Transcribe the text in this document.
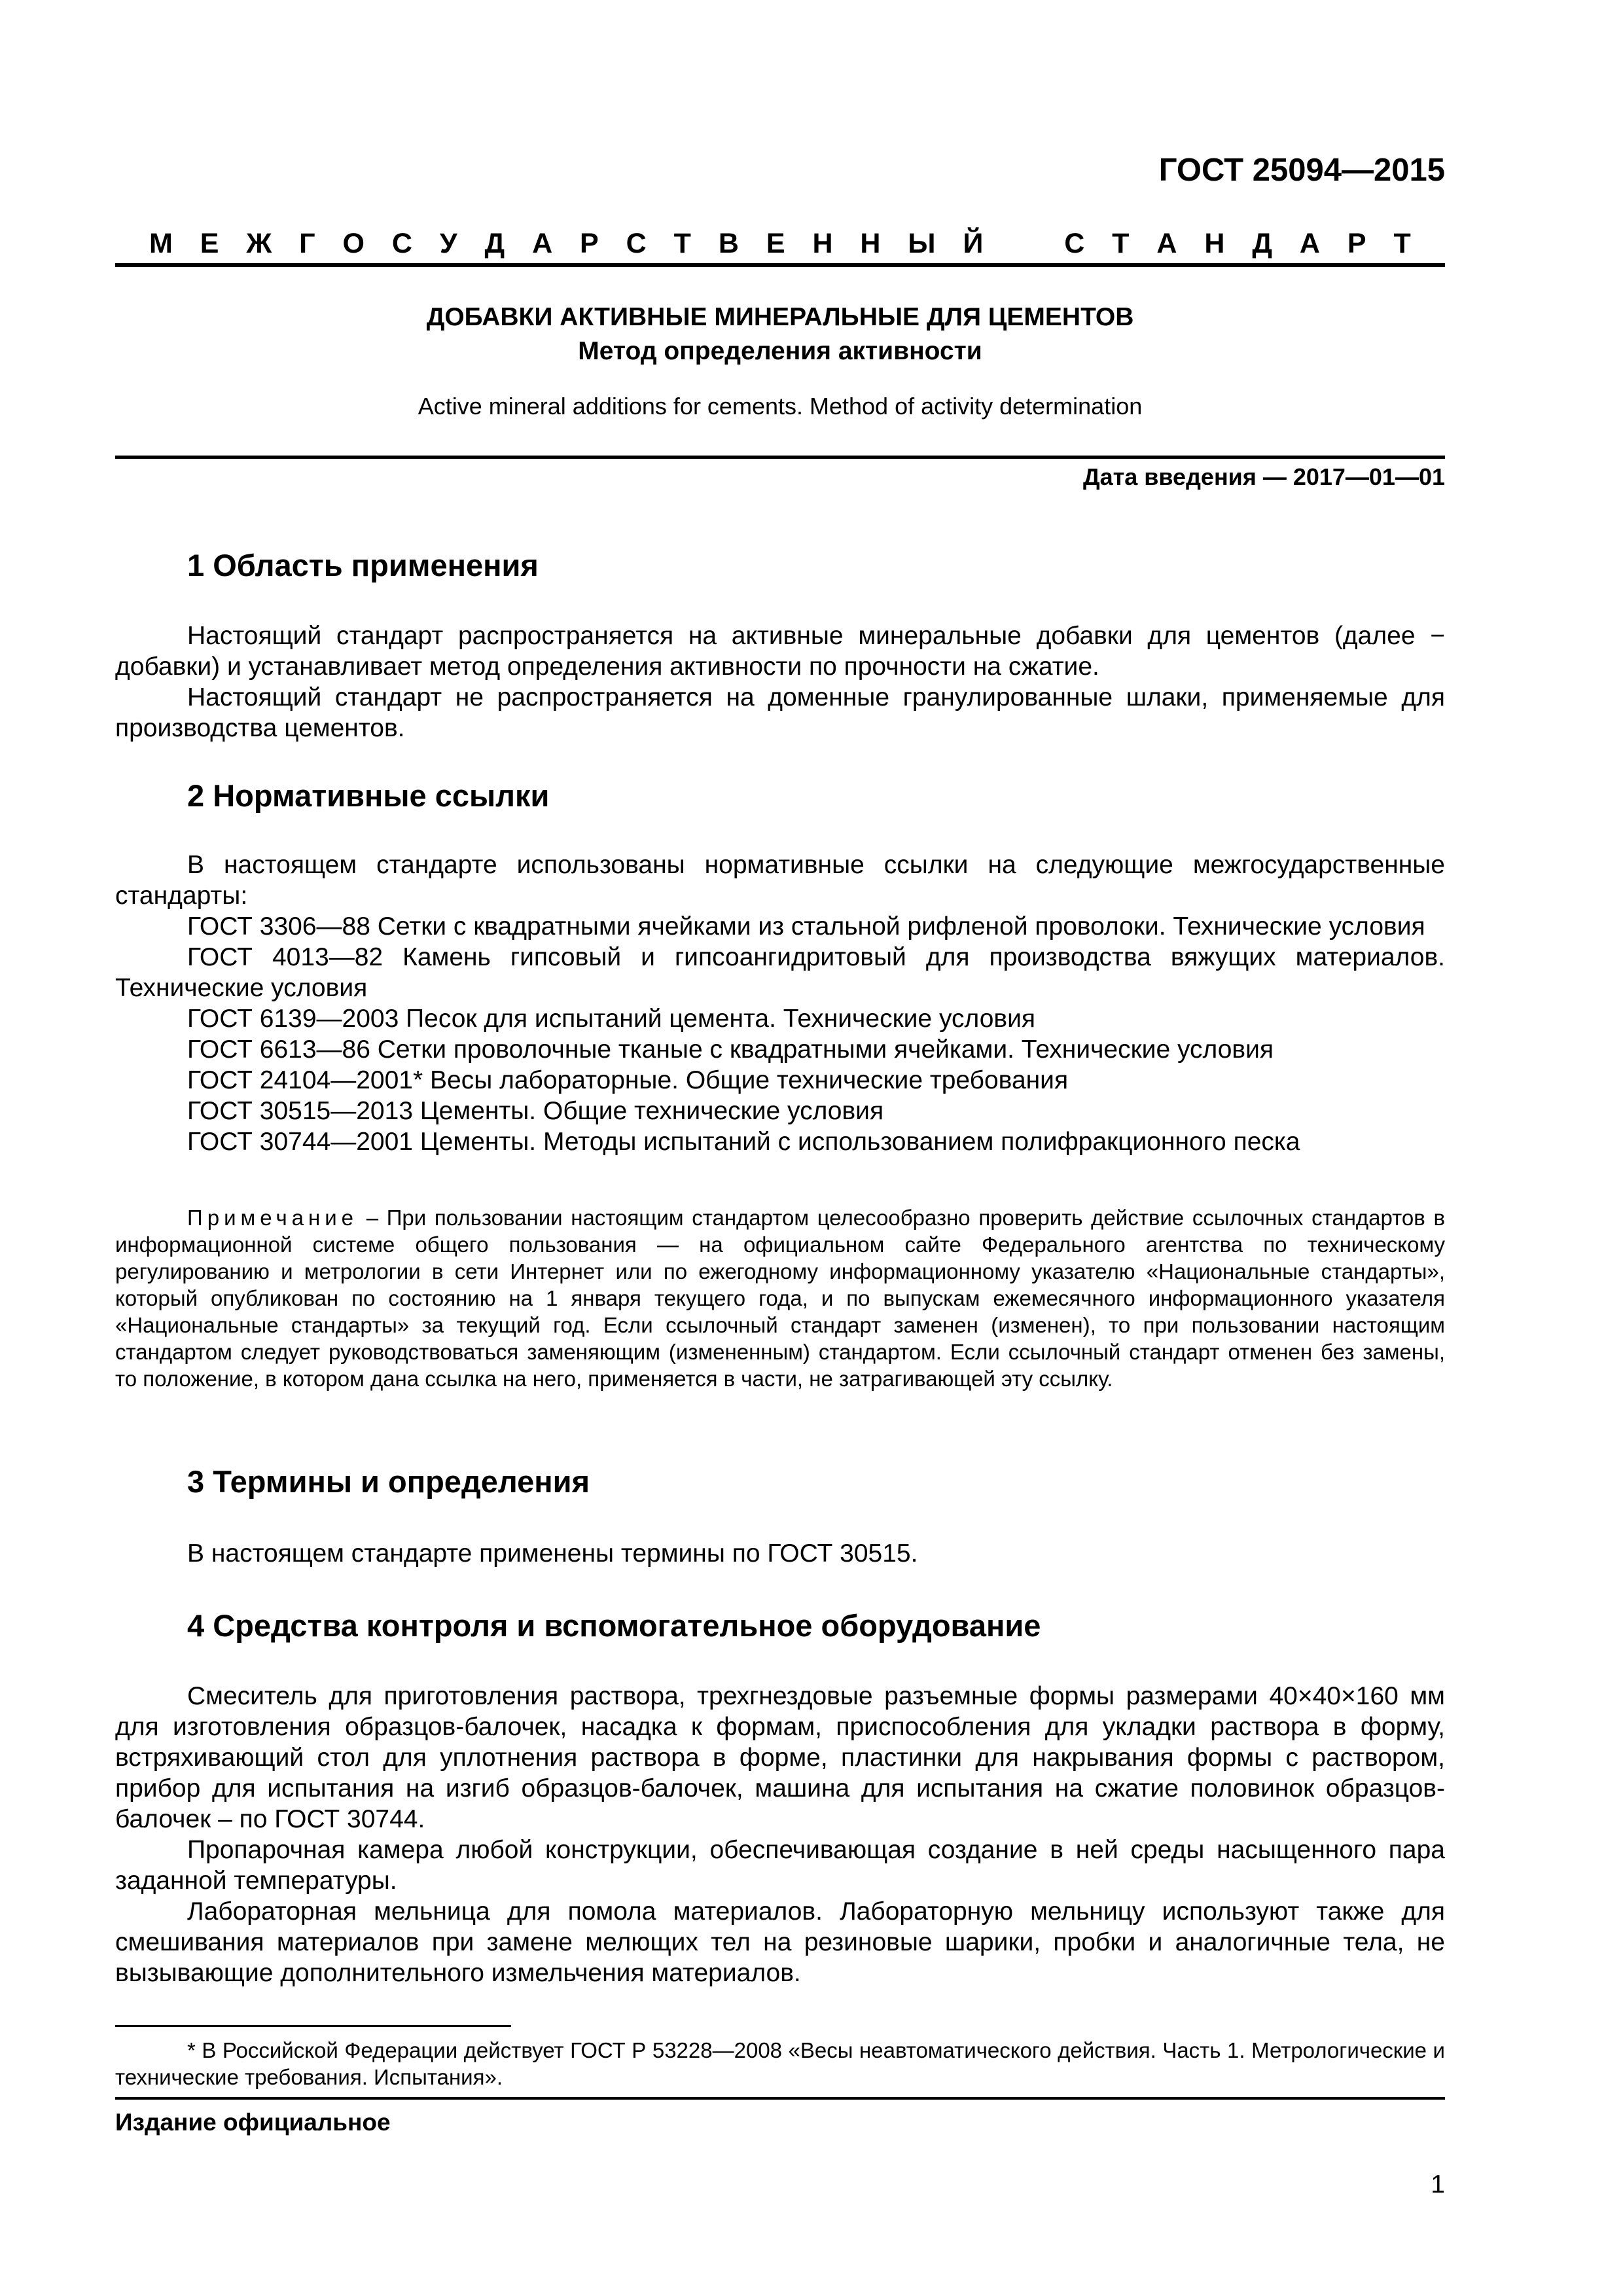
ГОСТ 25094—2015
М Е Ж Г О С У Д А Р С Т В Е Н Н Ы Й	С Т А Н Д А Р Т
ДОБАВКИ АКТИВНЫЕ МИНЕРАЛЬНЫЕ ДЛЯ ЦЕМЕНТОВ
Метод определения активности
Active mineral additions for cements. Method of activity determination
Дата введения — 2017—01—01
1 Область применения

Настоящий стандарт распространяется на активные минеральные добавки для цементов (далее − добавки) и устанавливает метод определения активности по прочности на сжатие.

Настоящий стандарт не распространяется на доменные гранулированные шлаки, применяемые для производства цементов.

2 Нормативные ссылки

В настоящем стандарте использованы нормативные ссылки на следующие межгосударственные стандарты:

ГОСТ 3306—88 Сетки с квадратными ячейками из стальной рифленой проволоки. Технические условия

ГОСТ 4013—82 Камень гипсовый и гипсоангидритовый для производства вяжущих материалов. Технические условия

ГОСТ 6139—2003 Песок для испытаний цемента. Технические условия

ГОСТ 6613—86 Сетки проволочные тканые с квадратными ячейками. Технические условия

ГОСТ 24104—2001* Весы лабораторные. Общие технические требования

ГОСТ 30515—2013 Цементы. Общие технические условия

ГОСТ 30744—2001 Цементы. Методы испытаний с использованием полифракционного песка

Примечание – При пользовании настоящим стандартом целесообразно проверить действие ссылочных стандартов в информационной системе общего пользования — на официальном сайте Федерального агентства по техническому регулированию и метрологии в сети Интернет или по ежегодному информационному указателю «Национальные стандарты», который опубликован по состоянию на 1 января текущего года, и по выпускам ежемесячного информационного указателя «Национальные стандарты» за текущий год. Если ссылочный стандарт заменен (изменен), то при пользовании настоящим стандартом следует руководствоваться заменяющим (измененным) стандартом. Если ссылочный стандарт отменен без замены, то положение, в котором дана ссылка на него, применяется в части, не затрагивающей эту ссылку.
3 Термины и определения

В настоящем стандарте применены термины по ГОСТ 30515.

4 Средства контроля и вспомогательное оборудование

Смеситель для приготовления раствора, трехгнездовые разъемные формы размерами 40×40×160 мм для изготовления образцов-балочек, насадка к формам, приспособления для укладки раствора в форму, встряхивающий стол для уплотнения раствора в форме, пластинки для накрывания формы с раствором, прибор для испытания на изгиб образцов-балочек, машина для испытания на сжатие половинок образцов-балочек – по ГОСТ 30744.

Пропарочная камера любой конструкции, обеспечивающая создание в ней среды насыщенного пара заданной температуры.

Лабораторная мельница для помола материалов. Лабораторную мельницу используют также для смешивания материалов при замене мелющих тел на резиновые шарики, пробки и аналогичные тела, не вызывающие дополнительного измельчения материалов.

* В Российской Федерации действует ГОСТ Р 53228—2008 «Весы неавтоматического действия. Часть 1. Метрологические и технические требования. Испытания».
Издание официальное
1
